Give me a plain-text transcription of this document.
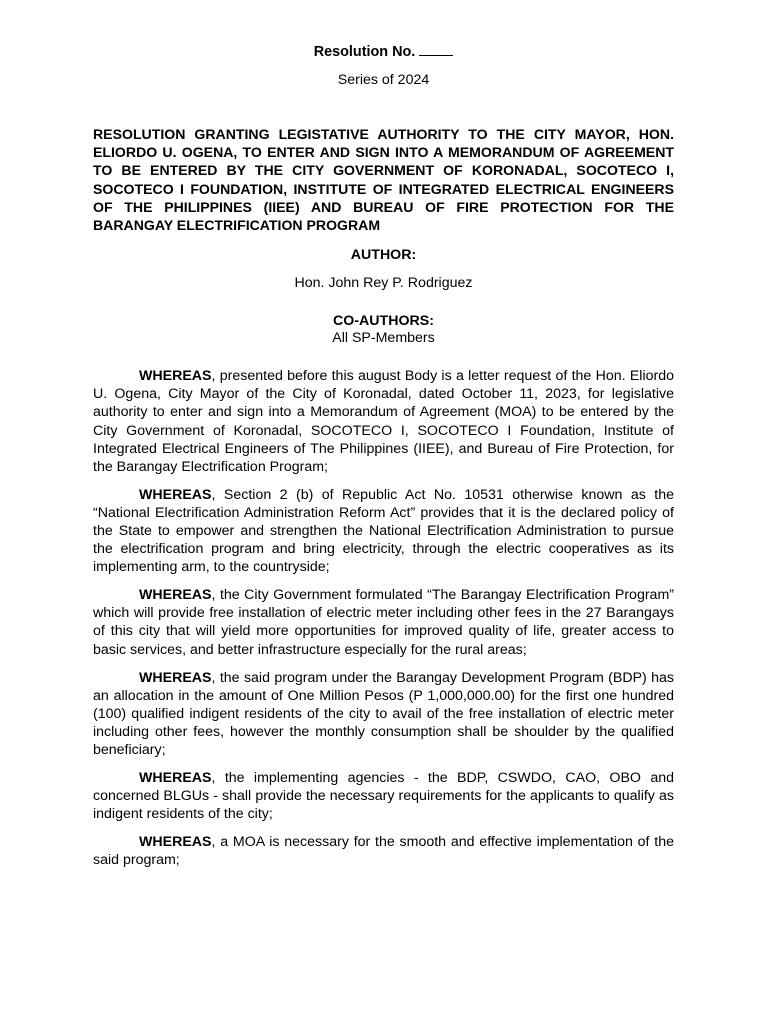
Resolution No.
Series of 2024
RESOLUTION GRANTING LEGISTATIVE AUTHORITY TO THE CITY MAYOR, HON. ELIORDO U. OGENA, TO ENTER AND SIGN INTO A MEMORANDUM OF AGREEMENT TO BE ENTERED BY THE CITY GOVERNMENT OF KORONADAL, SOCOTECO I, SOCOTECO I FOUNDATION, INSTITUTE OF INTEGRATED ELECTRICAL ENGINEERS OF THE PHILIPPINES (IIEE) AND BUREAU OF FIRE PROTECTION FOR THE BARANGAY ELECTRIFICATION PROGRAM
AUTHOR:
Hon. John Rey P. Rodriguez
CO-AUTHORS:
All SP-Members

WHEREAS, presented before this august Body is a letter request of the Hon. Eliordo U. Ogena, City Mayor of the City of Koronadal, dated October 11, 2023, for legislative authority to enter and sign into a Memorandum of Agreement (MOA) to be entered by the City Government of Koronadal, SOCOTECO I, SOCOTECO I Foundation, Institute of Integrated Electrical Engineers of The Philippines (IIEE), and Bureau of Fire Protection, for the Barangay Electrification Program;

WHEREAS, Section 2 (b) of Republic Act No. 10531 otherwise known as the “National Electrification Administration Reform Act” provides that it is the declared policy of the State to empower and strengthen the National Electrification Administration to pursue the electrification program and bring electricity, through the electric cooperatives as its implementing arm, to the countryside;

WHEREAS, the City Government formulated “The Barangay Electrification Program” which will provide free installation of electric meter including other fees in the 27 Barangays of this city that will yield more opportunities for improved quality of life, greater access to basic services, and better infrastructure especially for the rural areas;

WHEREAS, the said program under the Barangay Development Program (BDP) has an allocation in the amount of One Million Pesos (P 1,000,000.00) for the first one hundred (100) qualified indigent residents of the city to avail of the free installation of electric meter including other fees, however the monthly consumption shall be shoulder by the qualified beneficiary;

WHEREAS, the implementing agencies - the BDP, CSWDO, CAO, OBO and concerned BLGUs - shall provide the necessary requirements for the applicants to qualify as indigent residents of the city;

WHEREAS, a MOA is necessary for the smooth and effective implementation of the said program;
